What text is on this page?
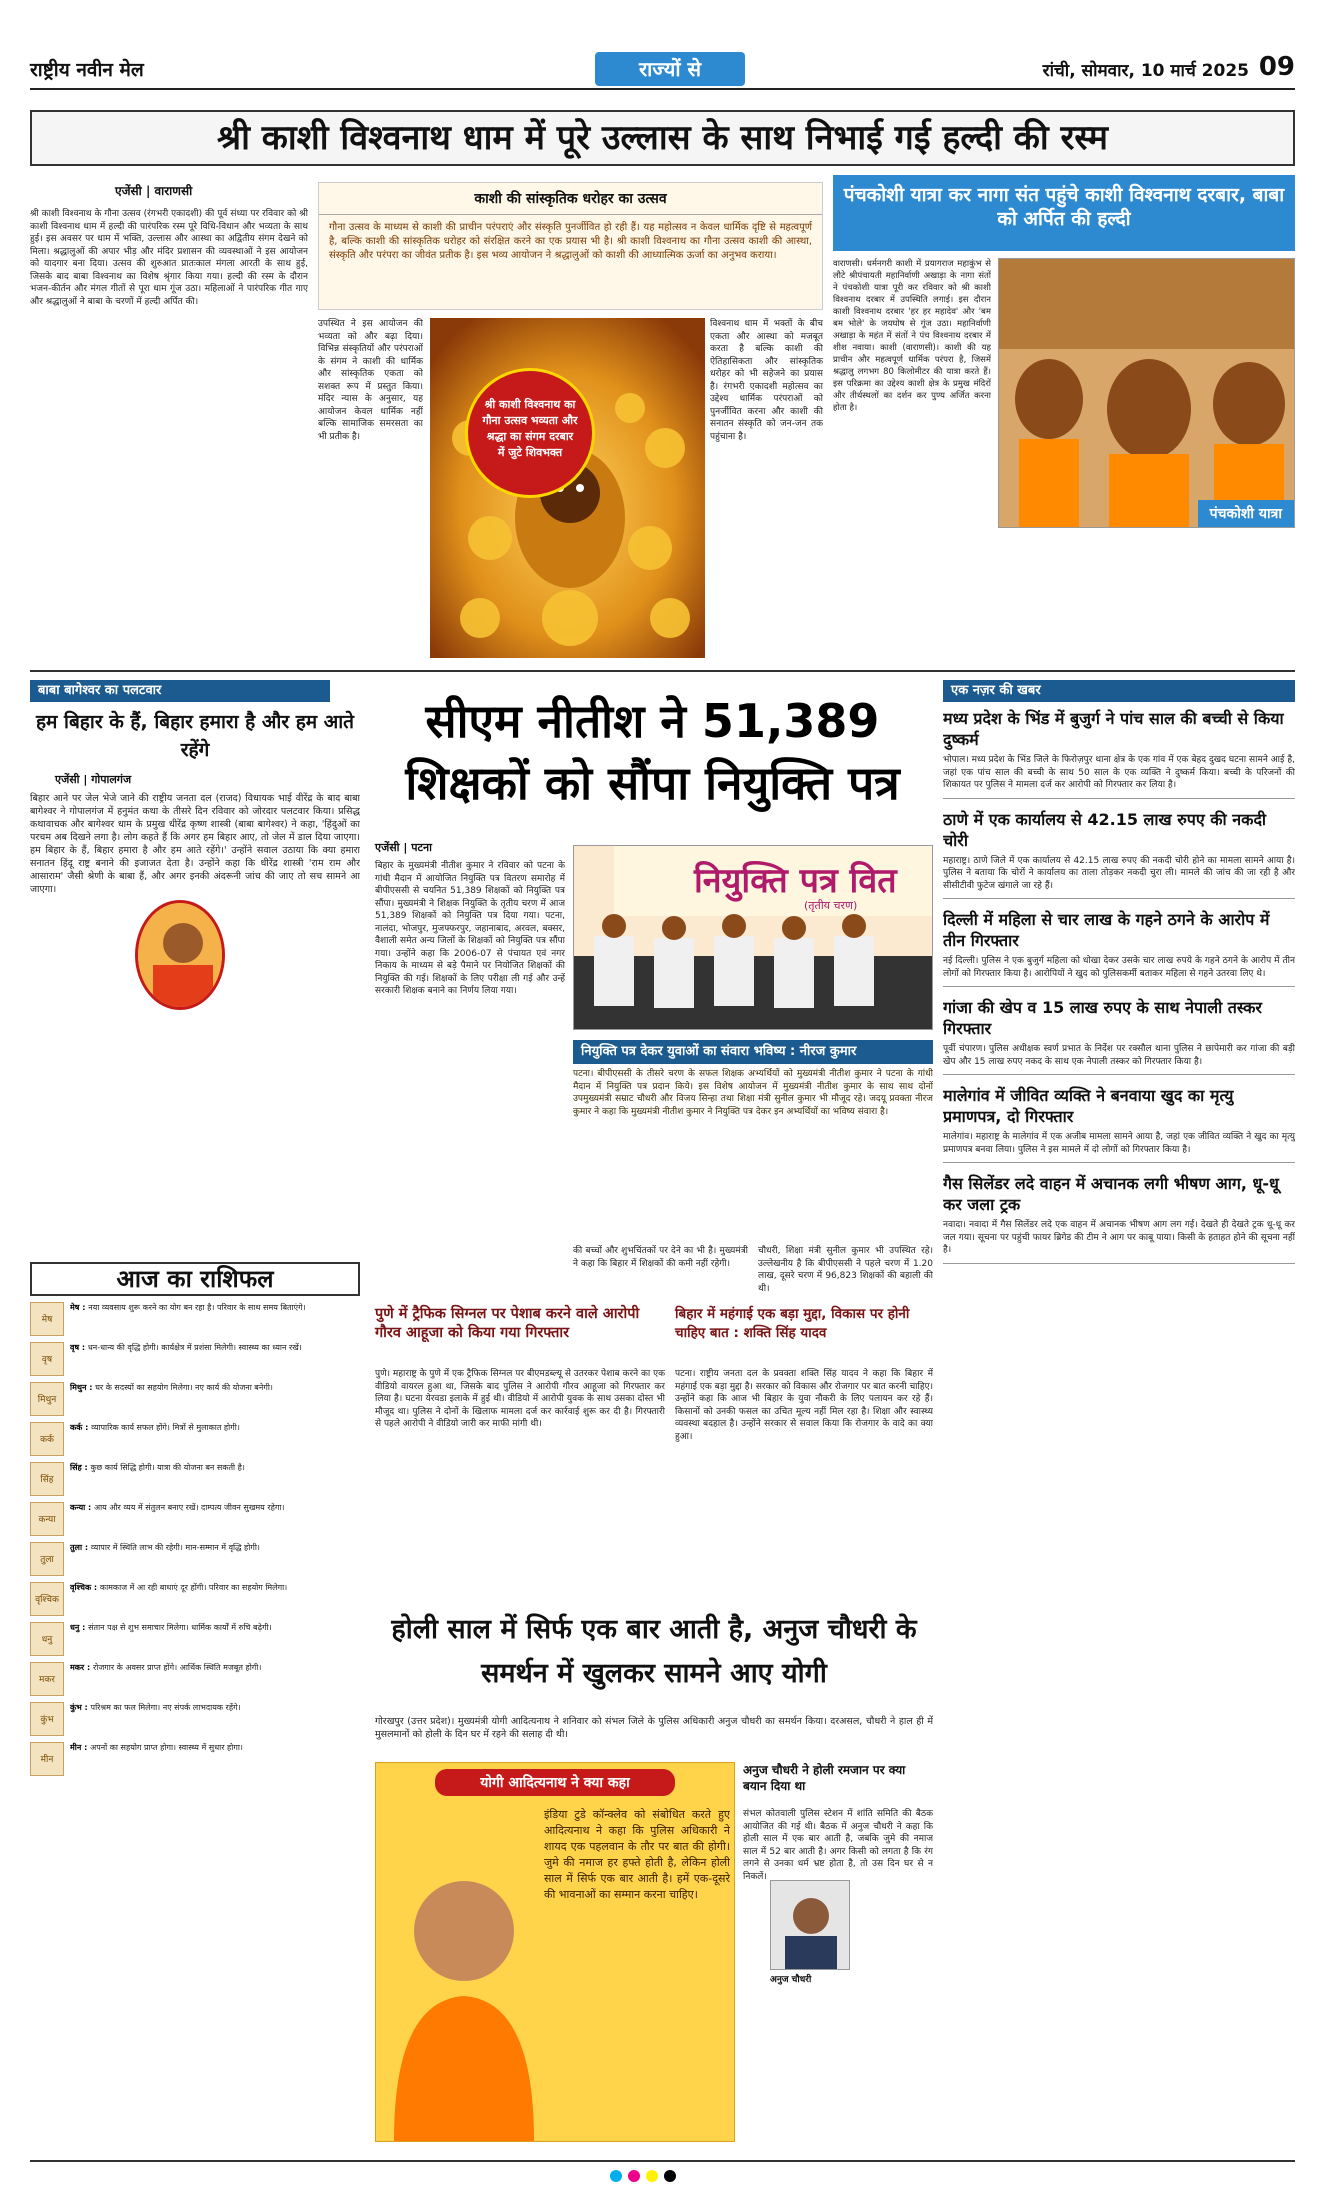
राष्ट्रीय नवीन मेल	राज्यों से	रांची, सोमवार, 10 मार्च 2025 09
श्री काशी विश्वनाथ धाम में पूरे उल्लास के साथ निभाई गई हल्दी की रस्म
एजेंसी | वाराणसी
श्री काशी विश्वनाथ के गौना उत्सव (रंगभरी एकादशी) की पूर्व संध्या पर रविवार को श्री काशी विश्वनाथ धाम में हल्दी की पारंपरिक रस्म पूरे विधि-विधान और भव्यता के साथ हुई। इस अवसर पर धाम में भक्ति, उल्लास और आस्था का अद्वितीय संगम देखने को मिला। श्रद्धालुओं की अपार भीड़ और मंदिर प्रशासन की व्यवस्थाओं ने इस आयोजन को यादगार बना दिया। उत्सव की शुरुआत प्रातःकाल मंगला आरती के साथ हुई, जिसके बाद बाबा विश्वनाथ का विशेष श्रृंगार किया गया। हल्दी की रस्म के दौरान भजन-कीर्तन और मंगल गीतों से पूरा धाम गूंज उठा। महिलाओं ने पारंपरिक गीत गाए और श्रद्धालुओं ने बाबा के चरणों में हल्दी अर्पित की।
काशी की सांस्कृतिक धरोहर का उत्सव
गौना उत्सव के माध्यम से काशी की प्राचीन परंपराएं और संस्कृति पुनर्जीवित हो रही हैं। यह महोत्सव न केवल धार्मिक दृष्टि से महत्वपूर्ण है, बल्कि काशी की सांस्कृतिक धरोहर को संरक्षित करने का एक प्रयास भी है। श्री काशी विश्वनाथ का गौना उत्सव काशी की आस्था, संस्कृति और परंपरा का जीवंत प्रतीक है। इस भव्य आयोजन ने श्रद्धालुओं को काशी की आध्यात्मिक ऊर्जा का अनुभव कराया।
उपस्थित ने इस आयोजन की भव्यता को और बढ़ा दिया। विभिन्न संस्कृतियों और परंपराओं के संगम ने काशी की धार्मिक और सांस्कृतिक एकता को सशक्त रूप में प्रस्तुत किया। मंदिर न्यास के अनुसार, यह आयोजन केवल धार्मिक नहीं बल्कि सामाजिक समरसता का भी प्रतीक है।
विश्वनाथ धाम में भक्तों के बीच एकता और आस्था को मजबूत करता है बल्कि काशी की ऐतिहासिकता और सांस्कृतिक धरोहर को भी सहेजने का प्रयास है। रंगभरी एकादशी महोत्सव का उद्देश्य धार्मिक परंपराओं को पुनर्जीवित करना और काशी की सनातन संस्कृति को जन-जन तक पहुंचाना है।
श्री काशी विश्वनाथ का गौना उत्सव भव्यता और श्रद्धा का संगम दरबार में जुटे शिवभक्त
पंचकोशी यात्रा कर नागा संत पहुंचे काशी विश्वनाथ दरबार, बाबा को अर्पित की हल्दी
वाराणसी। धर्मनगरी काशी में प्रयागराज महाकुंभ से लौटे श्रीपंचायती महानिर्वाणी अखाड़ा के नागा संतों ने पंचकोशी यात्रा पूरी कर रविवार को श्री काशी विश्वनाथ दरबार में उपस्थिति लगाई। इस दौरान काशी विश्वनाथ दरबार 'हर हर महादेव' और 'बम बम भोले' के जयघोष से गूंज उठा। महानिर्वाणी अखाड़ा के महंत में संतों ने पंच विश्वनाथ दरबार में शीश नवाया। काशी (वाराणसी)। काशी की यह प्राचीन और महत्वपूर्ण धार्मिक परंपरा है, जिसमें श्रद्धालु लगभग 80 किलोमीटर की यात्रा करते हैं। इस परिक्रमा का उद्देश्य काशी क्षेत्र के प्रमुख मंदिरों और तीर्थस्थलों का दर्शन कर पुण्य अर्जित करना होता है।
पंचकोशी यात्रा
बाबा बागेश्वर का पलटवार
हम बिहार के हैं, बिहार हमारा है और हम आते रहेंगे
एजेंसी | गोपालगंज
बिहार आने पर जेल भेजे जाने की राष्ट्रीय जनता दल (राजद) विधायक भाई वीरेंद्र के बाद बाबा बागेश्वर ने गोपालगंज में हनुमंत कथा के तीसरे दिन रविवार को जोरदार पलटवार किया। प्रसिद्ध कथावाचक और बागेश्वर धाम के प्रमुख धीरेंद्र कृष्ण शास्त्री (बाबा बागेश्वर) ने कहा, 'हिंदुओं का परचम अब दिखने लगा है। लोग कहते हैं कि अगर हम बिहार आए, तो जेल में डाल दिया जाएगा। हम बिहार के हैं, बिहार हमारा है और हम आते रहेंगे।' उन्होंने सवाल उठाया कि क्या हमारा सनातन हिंदू राष्ट्र बनाने की इजाजत देता है। उन्होंने कहा कि धीरेंद्र शास्त्री 'राम राम और आसाराम' जैसी श्रेणी के बाबा हैं, और अगर इनकी अंदरूनी जांच की जाए तो सच सामने आ जाएगा।
आज का राशिफल
मेष
मेष : नया व्यवसाय शुरू करने का योग बन रहा है। परिवार के साथ समय बिताएंगे।
वृष
वृष : धन-धान्य की वृद्धि होगी। कार्यक्षेत्र में प्रशंसा मिलेगी। स्वास्थ्य का ध्यान रखें।
मिथुन
मिथुन : घर के सदस्यों का सहयोग मिलेगा। नए कार्य की योजना बनेगी।
कर्क
कर्क : व्यापारिक कार्य सफल होंगे। मित्रों से मुलाकात होगी।
सिंह
सिंह : कुछ कार्य सिद्धि होगी। यात्रा की योजना बन सकती है।
कन्या
कन्या : आय और व्यय में संतुलन बनाए रखें। दाम्पत्य जीवन सुखमय रहेगा।
तुला
तुला : व्यापार में स्थिति लाभ की रहेगी। मान-सम्मान में वृद्धि होगी।
वृश्चिक
वृश्चिक : कामकाज में आ रही बाधाएं दूर होंगी। परिवार का सहयोग मिलेगा।
धनु
धनु : संतान पक्ष से शुभ समाचार मिलेगा। धार्मिक कार्यों में रुचि बढ़ेगी।
मकर
मकर : रोजगार के अवसर प्राप्त होंगे। आर्थिक स्थिति मजबूत होगी।
कुंभ
कुंभ : परिश्रम का फल मिलेगा। नए संपर्क लाभदायक रहेंगे।
मीन
मीन : अपनों का सहयोग प्राप्त होगा। स्वास्थ्य में सुधार होगा।
सीएम नीतीश ने 51,389 शिक्षकों को सौंपा नियुक्ति पत्र
एजेंसी | पटना
बिहार के मुख्यमंत्री नीतीश कुमार ने रविवार को पटना के गांधी मैदान में आयोजित नियुक्ति पत्र वितरण समारोह में बीपीएससी से चयनित 51,389 शिक्षकों को नियुक्ति पत्र सौंपा। मुख्यमंत्री ने शिक्षक नियुक्ति के तृतीय चरण में आज 51,389 शिक्षकों को नियुक्ति पत्र दिया गया। पटना, नालंदा, भोजपुर, मुजफ्फरपुर, जहानाबाद, अरवल, बक्सर, वैशाली समेत अन्य जिलों के शिक्षकों को नियुक्ति पत्र सौंपा गया। उन्होंने कहा कि 2006-07 से पंचायत एवं नगर निकाय के माध्यम से बड़े पैमाने पर नियोजित शिक्षकों की नियुक्ति की गई। शिक्षकों के लिए परीक्षा ली गई और उन्हें सरकारी शिक्षक बनाने का निर्णय लिया गया।
नियुक्ति पत्र वित
(तृतीय चरण)
नियुक्ति पत्र देकर युवाओं का संवारा भविष्य : नीरज कुमार
पटना। बीपीएससी के तीसरे चरण के सफल शिक्षक अभ्यर्थियों को मुख्यमंत्री नीतीश कुमार ने पटना के गांधी मैदान में नियुक्ति पत्र प्रदान किये। इस विशेष आयोजन में मुख्यमंत्री नीतीश कुमार के साथ साथ दोनों उपमुख्यमंत्री सम्राट चौधरी और विजय सिन्हा तथा शिक्षा मंत्री सुनील कुमार भी मौजूद रहे। जदयू प्रवक्ता नीरज कुमार ने कहा कि मुख्यमंत्री नीतीश कुमार ने नियुक्ति पत्र देकर इन अभ्यर्थियों का भविष्य संवारा है।
की बच्चों और शुभचिंतकों पर देने का भी है। मुख्यमंत्री ने कहा कि बिहार में शिक्षकों की कमी नहीं रहेगी।
चौधरी, शिक्षा मंत्री सुनील कुमार भी उपस्थित रहे। उल्लेखनीय है कि बीपीएससी ने पहले चरण में 1.20 लाख, दूसरे चरण में 96,823 शिक्षकों की बहाली की थी।
पुणे में ट्रैफिक सिग्नल पर पेशाब करने वाले आरोपी गौरव आहूजा को किया गया गिरफ्तार
पुणे। महाराष्ट्र के पुणे में एक ट्रैफिक सिग्नल पर बीएमडब्ल्यू से उतरकर पेशाब करने का एक वीडियो वायरल हुआ था, जिसके बाद पुलिस ने आरोपी गौरव आहूजा को गिरफ्तार कर लिया है। घटना येरवडा इलाके में हुई थी। वीडियो में आरोपी युवक के साथ उसका दोस्त भी मौजूद था। पुलिस ने दोनों के खिलाफ मामला दर्ज कर कार्रवाई शुरू कर दी है। गिरफ्तारी से पहले आरोपी ने वीडियो जारी कर माफी मांगी थी।
बिहार में महंगाई एक बड़ा मुद्दा, विकास पर होनी चाहिए बात : शक्ति सिंह यादव
पटना। राष्ट्रीय जनता दल के प्रवक्ता शक्ति सिंह यादव ने कहा कि बिहार में महंगाई एक बड़ा मुद्दा है। सरकार को विकास और रोजगार पर बात करनी चाहिए। उन्होंने कहा कि आज भी बिहार के युवा नौकरी के लिए पलायन कर रहे हैं। किसानों को उनकी फसल का उचित मूल्य नहीं मिल रहा है। शिक्षा और स्वास्थ्य व्यवस्था बदहाल है। उन्होंने सरकार से सवाल किया कि रोजगार के वादे का क्या हुआ।
होली साल में सिर्फ एक बार आती है, अनुज चौधरी के समर्थन में खुलकर सामने आए योगी
गोरखपुर (उत्तर प्रदेश)। मुख्यमंत्री योगी आदित्यनाथ ने शनिवार को संभल जिले के पुलिस अधिकारी अनुज चौधरी का समर्थन किया। दरअसल, चौधरी ने हाल ही में मुसलमानों को होली के दिन घर में रहने की सलाह दी थी।
योगी आदित्यनाथ ने क्या कहा
इंडिया टुडे कॉन्क्लेव को संबोधित करते हुए आदित्यनाथ ने कहा कि पुलिस अधिकारी ने शायद एक पहलवान के तौर पर बात की होगी। जुमे की नमाज हर हफ्ते होती है, लेकिन होली साल में सिर्फ एक बार आती है। हमें एक-दूसरे की भावनाओं का सम्मान करना चाहिए।
अनुज चौधरी ने होली रमजान पर क्या बयान दिया था
संभल कोतवाली पुलिस स्टेशन में शांति समिति की बैठक आयोजित की गई थी। बैठक में अनुज चौधरी ने कहा कि होली साल में एक बार आती है, जबकि जुमे की नमाज साल में 52 बार आती है। अगर किसी को लगता है कि रंग लगने से उनका धर्म भ्रष्ट होता है, तो उस दिन घर से न निकलें।
अनुज चौधरी
एक नज़र की खबर
मध्य प्रदेश के भिंड में बुजुर्ग ने पांच साल की बच्ची से किया दुष्कर्म
भोपाल। मध्य प्रदेश के भिंड जिले के फिरोज़पुर थाना क्षेत्र के एक गांव में एक बेहद दुखद घटना सामने आई है, जहां एक पांच साल की बच्ची के साथ 50 साल के एक व्यक्ति ने दुष्कर्म किया। बच्ची के परिजनों की शिकायत पर पुलिस ने मामला दर्ज कर आरोपी को गिरफ्तार कर लिया है।
ठाणे में एक कार्यालय से 42.15 लाख रुपए की नकदी चोरी
महाराष्ट्र। ठाणे जिले में एक कार्यालय से 42.15 लाख रुपए की नकदी चोरी होने का मामला सामने आया है। पुलिस ने बताया कि चोरों ने कार्यालय का ताला तोड़कर नकदी चुरा ली। मामले की जांच की जा रही है और सीसीटीवी फुटेज खंगाले जा रहे हैं।
दिल्ली में महिला से चार लाख के गहने ठगने के आरोप में तीन गिरफ्तार
नई दिल्ली। पुलिस ने एक बुजुर्ग महिला को धोखा देकर उसके चार लाख रुपये के गहने ठगने के आरोप में तीन लोगों को गिरफ्तार किया है। आरोपियों ने खुद को पुलिसकर्मी बताकर महिला से गहने उतरवा लिए थे।
गांजा की खेप व 15 लाख रुपए के साथ नेपाली तस्कर गिरफ्तार
पूर्वी चंपारण। पुलिस अधीक्षक स्वर्ण प्रभात के निर्देश पर रक्सौल थाना पुलिस ने छापेमारी कर गांजा की बड़ी खेप और 15 लाख रुपए नकद के साथ एक नेपाली तस्कर को गिरफ्तार किया है।
मालेगांव में जीवित व्यक्ति ने बनवाया खुद का मृत्यु प्रमाणपत्र, दो गिरफ्तार
मालेगांव। महाराष्ट्र के मालेगांव में एक अजीब मामला सामने आया है, जहां एक जीवित व्यक्ति ने खुद का मृत्यु प्रमाणपत्र बनवा लिया। पुलिस ने इस मामले में दो लोगों को गिरफ्तार किया है।
गैस सिलेंडर लदे वाहन में अचानक लगी भीषण आग, धू-धू कर जला ट्रक
नवादा। नवादा में गैस सिलेंडर लदे एक वाहन में अचानक भीषण आग लग गई। देखते ही देखते ट्रक धू-धू कर जल गया। सूचना पर पहुंची फायर ब्रिगेड की टीम ने आग पर काबू पाया। किसी के हताहत होने की सूचना नहीं है।
